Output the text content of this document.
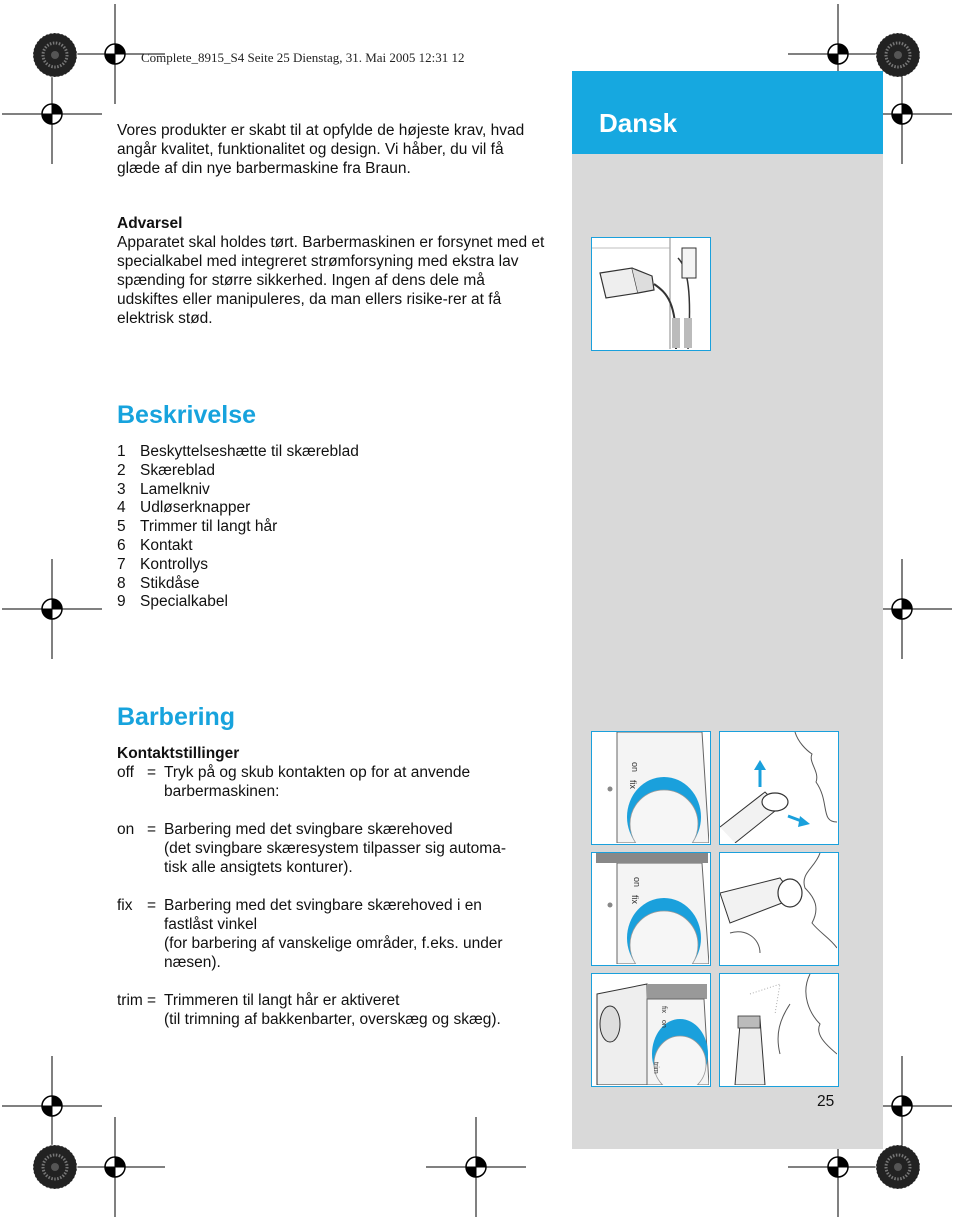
Complete_8915_S4 Seite 25 Dienstag, 31. Mai 2005 12:31 12
Dansk
Vores produkter er skabt til at opfylde de højeste krav, hvad angår kvalitet, funktionalitet og design. Vi håber, du vil få glæde af din nye barbermaskine fra Braun.
Advarsel
Apparatet skal holdes tørt. Barbermaskinen er forsynet med et specialkabel med integreret strømforsyning med ekstra lav spænding for større sikkerhed. Ingen af dens dele må udskiftes eller manipuleres, da man ellers risike-rer at få elektrisk stød.
Beskrivelse
1 Beskyttelseshætte til skæreblad
2 Skæreblad
3 Lamelkniv
4 Udløserknapper
5 Trimmer til langt hår
6 Kontakt
7 Kontrollys
8 Stikdåse
9 Specialkabel
Barbering
Kontaktstillinger
off = Tryk på og skub kontakten op for at anvende
barbermaskinen:
on = Barbering med det svingbare skærehoved
(det svingbare skæresystem tilpasser sig automa-
tisk alle ansigtets konturer).
fix = Barbering med det svingbare skærehoved i en
fastlåst vinkel
(for barbering af vanskelige områder, f.eks. under
næsen).
trim = Trimmeren til langt hår er aktiveret
(til trimning af bakkenbarter, overskæg og skæg).
on
fix
on
fix
fix
on
trim
25
